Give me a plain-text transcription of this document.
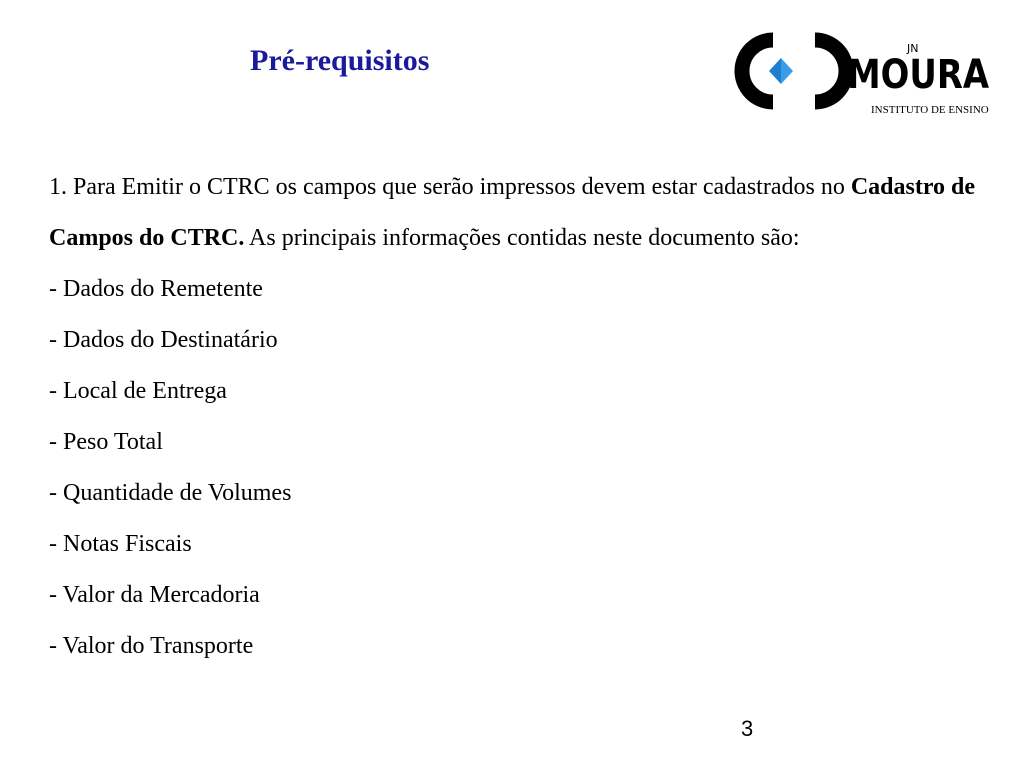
Pré-requisitos	MOURA
JN
INSTITUTO DE ENSINO

1. Para Emitir o CTRC os campos que serão impressos devem estar cadastrados no Cadastro de Campos do CTRC. As principais informações contidas neste documento são:

- Dados do Remetente

- Dados do Destinatário

- Local de Entrega

- Peso Total

- Quantidade de Volumes

- Notas Fiscais

- Valor da Mercadoria

- Valor do Transporte

3
